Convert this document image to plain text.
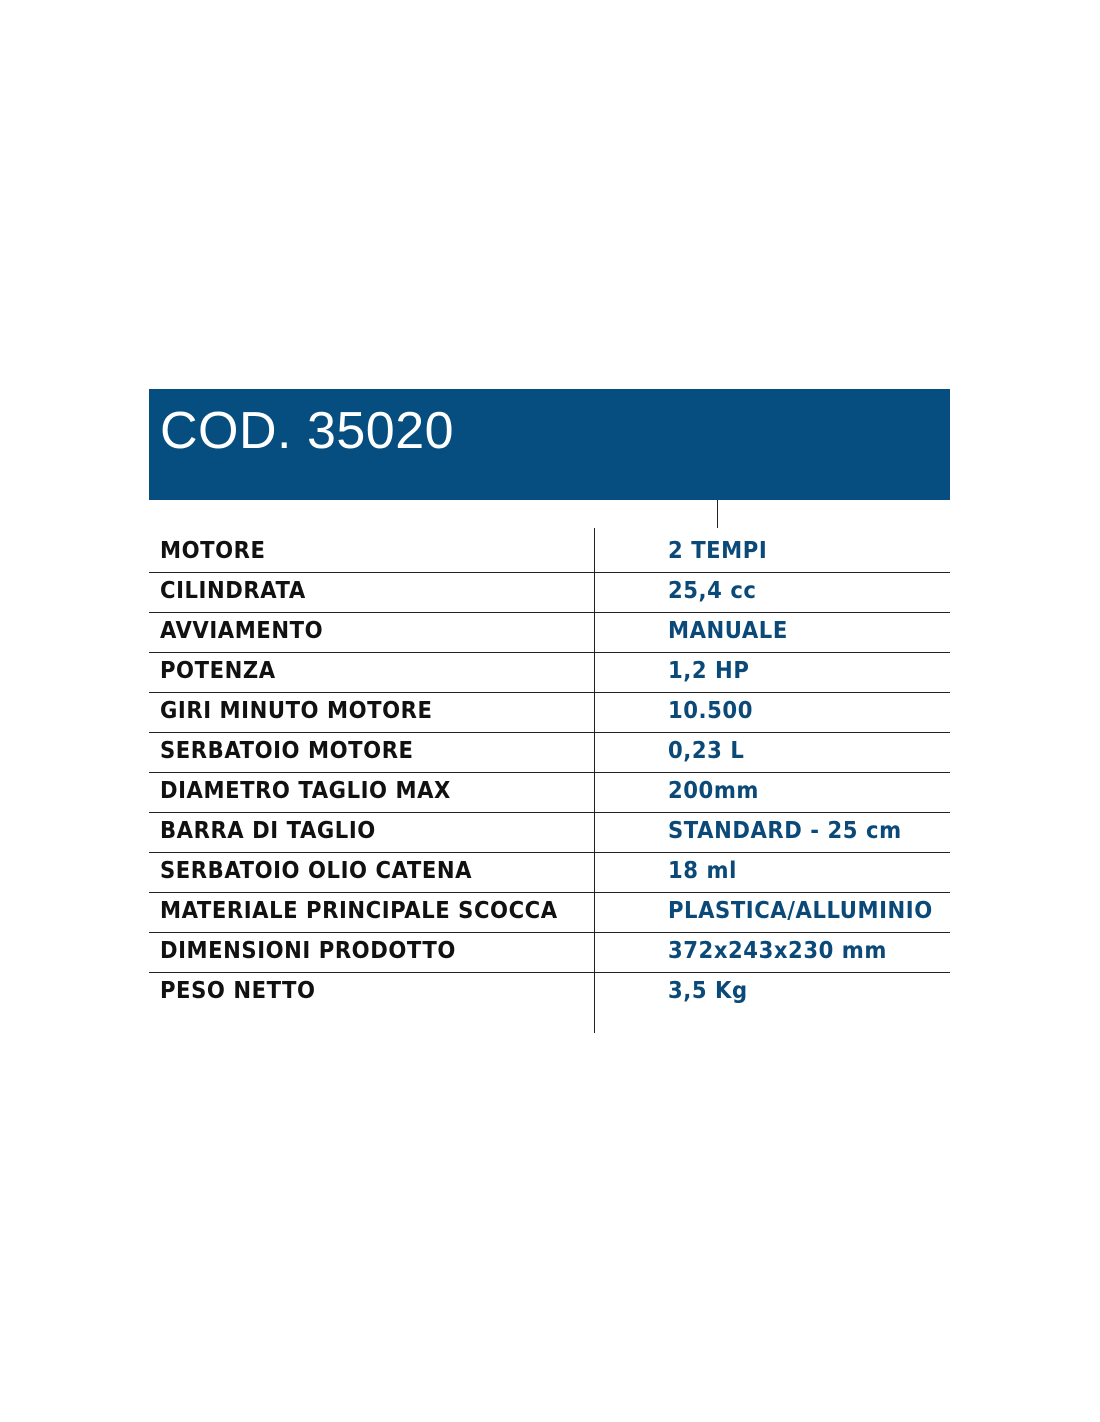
COD. 35020
MOTORE	2 TEMPI
CILINDRATA	25,4 cc
AVVIAMENTO	MANUALE
POTENZA	1,2 HP
GIRI MINUTO MOTORE	10.500
SERBATOIO MOTORE	0,23 L
DIAMETRO TAGLIO MAX	200mm
BARRA DI TAGLIO	STANDARD - 25 cm
SERBATOIO OLIO CATENA	18 ml
MATERIALE PRINCIPALE SCOCCA	PLASTICA/ALLUMINIO
DIMENSIONI PRODOTTO	372x243x230 mm
PESO NETTO	3,5 Kg
